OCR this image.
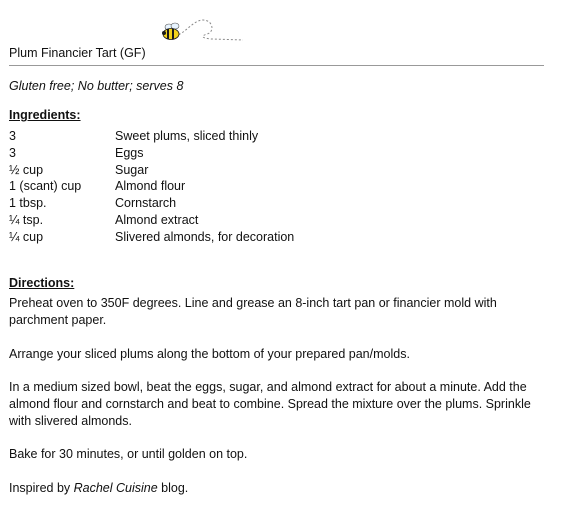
Plum Financier Tart (GF)
Gluten free; No butter; serves 8
Ingredients:
3	Sweet plums, sliced thinly
3	Eggs
½ cup	Sugar
1 (scant) cup	Almond flour
1 tbsp.	Cornstarch
¼ tsp.	Almond extract
¼ cup	Slivered almonds, for decoration
Directions:
Preheat oven to 350F degrees. Line and grease an 8-inch tart pan or financier mold with parchment paper.
Arrange your sliced plums along the bottom of your prepared pan/molds.
In a medium sized bowl, beat the eggs, sugar, and almond extract for about a minute. Add the almond flour and cornstarch and beat to combine. Spread the mixture over the plums. Sprinkle with slivered almonds.
Bake for 30 minutes, or until golden on top.
Inspired by Rachel Cuisine blog.
